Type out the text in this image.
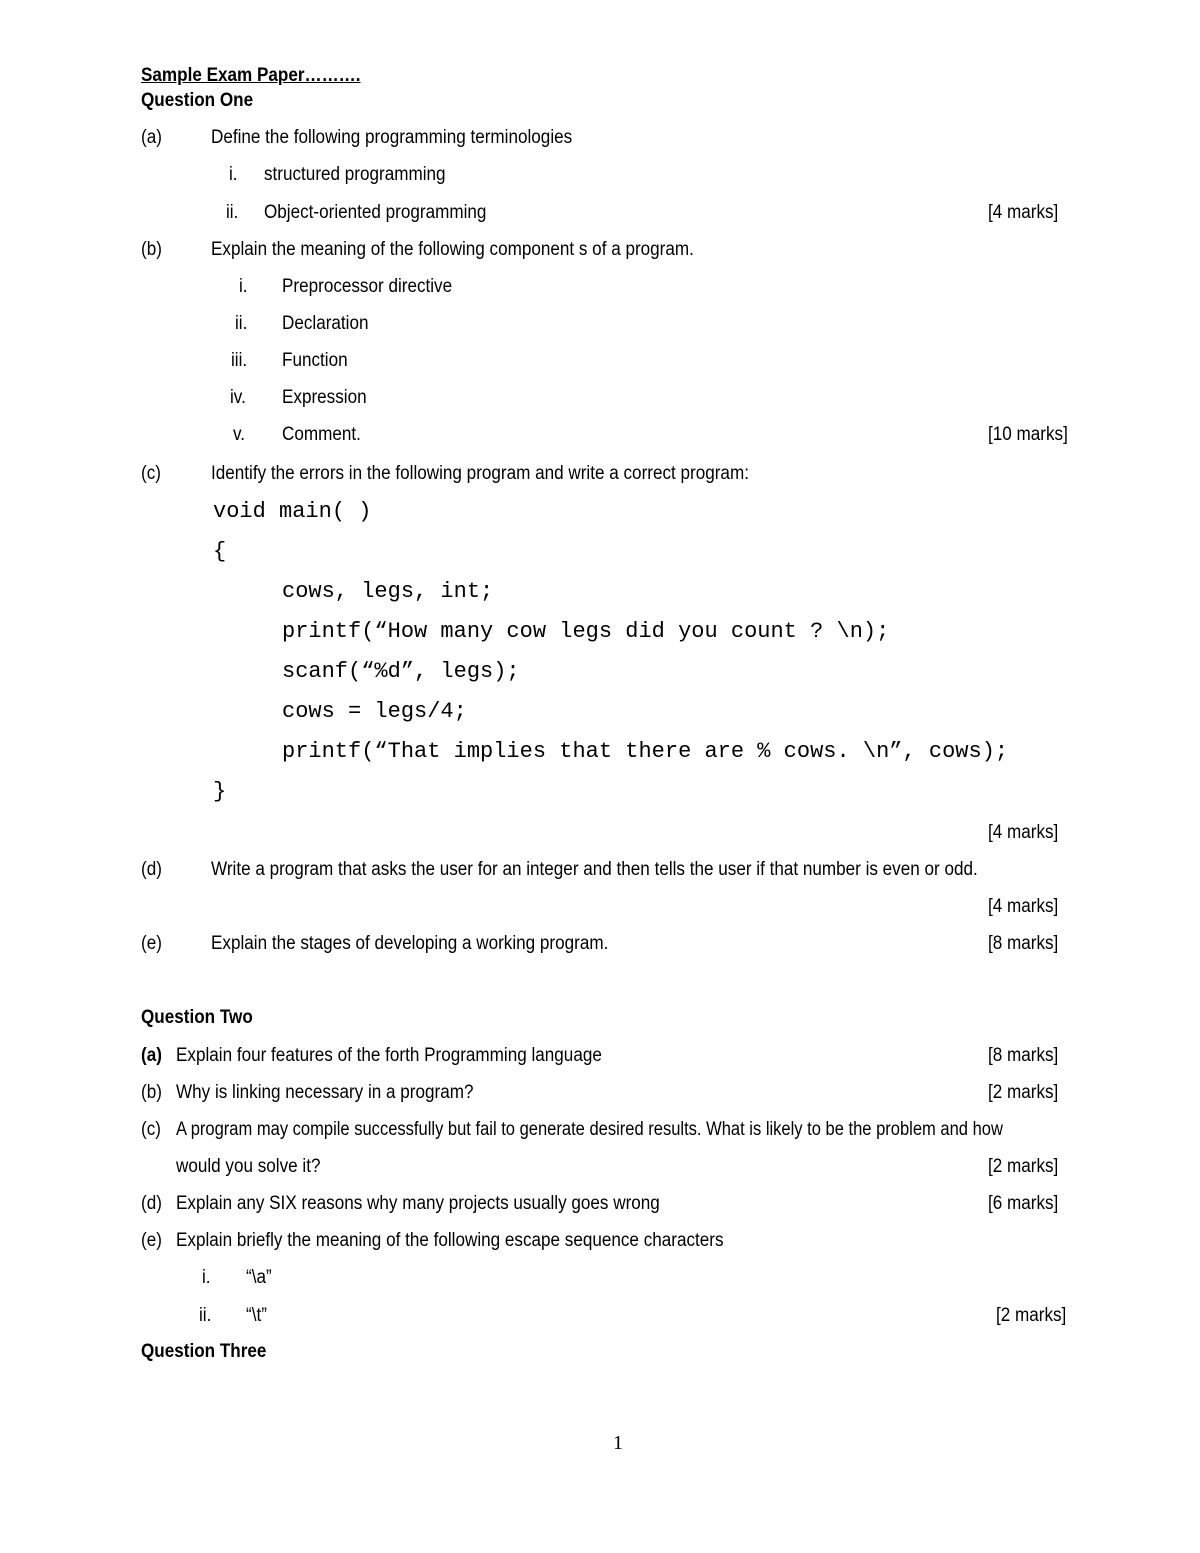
Sample Exam Paper……….
Question One
(a)	Define the following programming terminologies
i. structured programming
ii. Object-oriented programming	[4 marks]
(b)	Explain the meaning of the following component s of a program.
i. Preprocessor directive
ii. Declaration
iii. Function
iv. Expression
v. Comment.	[10 marks]
(c)	Identify the errors in the following program and write a correct program:
void main( )
{
cows, legs, int;
printf(“How many cow legs did you count ? \n);
scanf(“%d”, legs);
cows = legs/4;
printf(“That implies that there are % cows. \n”, cows);
}
[4 marks]
(d)	Write a program that asks the user for an integer and then tells the user if that number is even or odd.
[4 marks]
(e)	Explain the stages of developing a working program.	[8 marks]
Question Two
(a) Explain four features of the forth Programming language	[8 marks]
(b) Why is linking necessary in a program?	[2 marks]
(c) A program may compile successfully but fail to generate desired results. What is likely to be the problem and how
would you solve it?	[2 marks]
(d) Explain any SIX reasons why many projects usually goes wrong	[6 marks]
(e) Explain briefly the meaning of the following escape sequence characters
i. “\a”
ii. “\t”	[2 marks]
Question Three
1
